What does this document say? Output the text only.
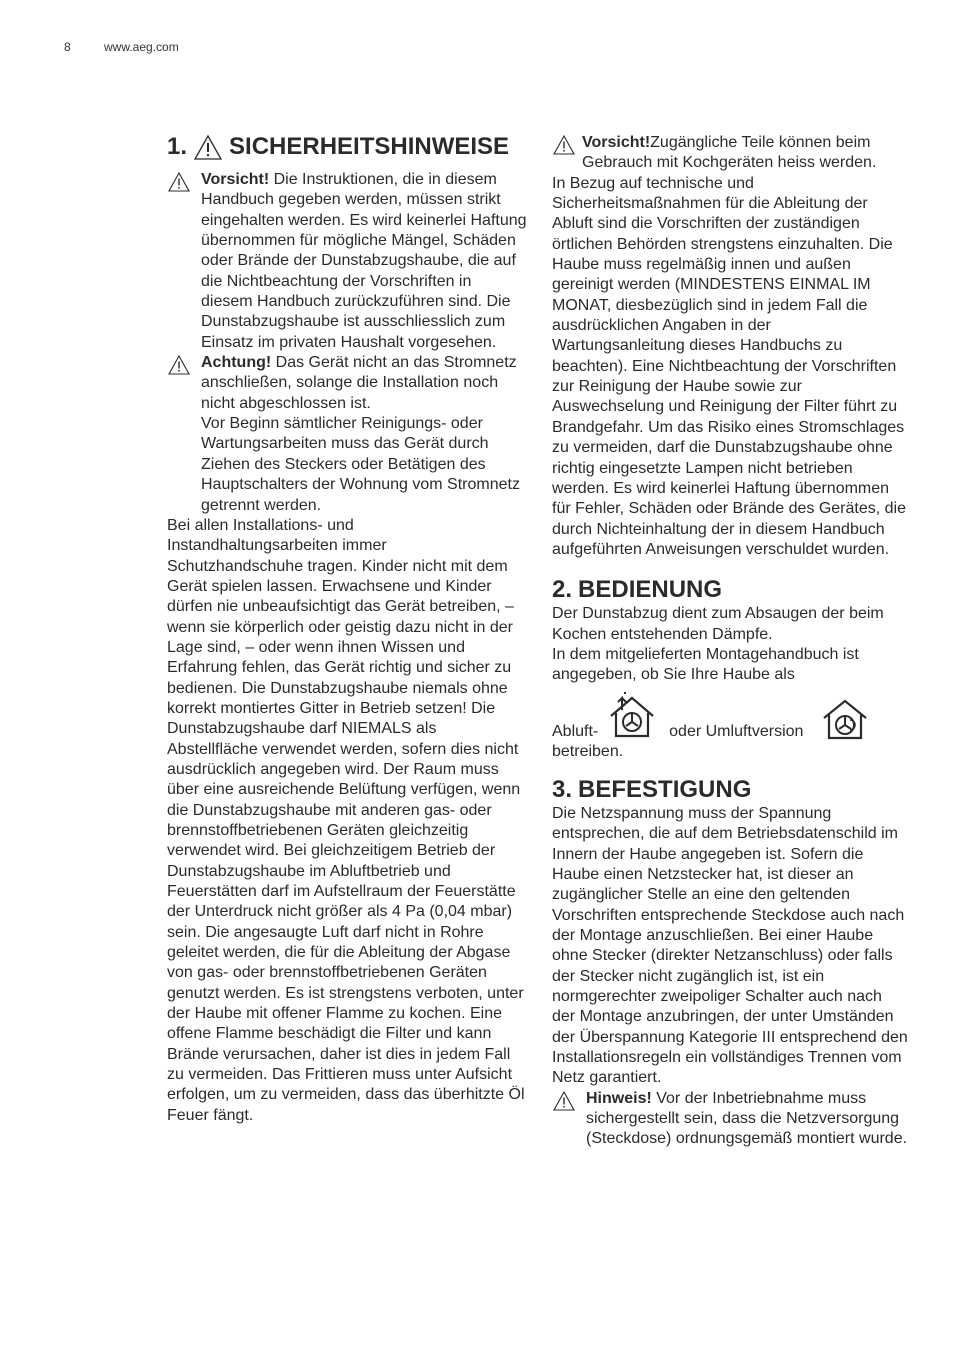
8	www.aeg.com
1. SICHERHEITSHINWEISE

Vorsicht! Die Instruktionen, die in diesem Handbuch gegeben werden, müssen strikt eingehalten werden. Es wird keinerlei Haftung übernommen für mögliche Mängel, Schäden oder Brände der Dunstabzugshaube, die auf die Nichtbeachtung der Vorschriften in diesem Handbuch zurückzuführen sind. Die Dunstabzugshaube ist ausschliesslich zum Einsatz im privaten Haushalt vorgesehen.

Achtung! Das Gerät nicht an das Stromnetz anschließen, solange die Installation noch nicht abgeschlossen ist.

Vor Beginn sämtlicher Reinigungs- oder Wartungsarbeiten muss das Gerät durch Ziehen des Steckers oder Betätigen des Hauptschalters der Wohnung vom Stromnetz getrennt werden.

Bei allen Installations- und Instandhaltungsarbeiten immer Schutzhandschuhe tragen. Kinder nicht mit dem Gerät spielen lassen. Erwachsene und Kinder dürfen nie unbeaufsichtigt das Gerät betreiben, – wenn sie körperlich oder geistig dazu nicht in der Lage sind, – oder wenn ihnen Wissen und Erfahrung fehlen, das Gerät richtig und sicher zu bedienen. Die Dunstabzugshaube niemals ohne korrekt montiertes Gitter in Betrieb setzen! Die Dunstabzugshaube darf NIEMALS als Abstellfläche verwendet werden, sofern dies nicht ausdrücklich angegeben wird. Der Raum muss über eine ausreichende Belüftung verfügen, wenn die Dunstabzugshaube mit anderen gas- oder brennstoffbetriebenen Geräten gleichzeitig verwendet wird. Bei gleichzeitigem Betrieb der Dunstabzugshaube im Abluftbetrieb und Feuerstätten darf im Aufstellraum der Feuerstätte der Unterdruck nicht größer als 4 Pa (0,04 mbar) sein. Die angesaugte Luft darf nicht in Rohre geleitet werden, die für die Ableitung der Abgase von gas- oder brennstoffbetriebenen Geräten genutzt werden. Es ist strengstens verboten, unter der Haube mit offener Flamme zu kochen. Eine offene Flamme beschädigt die Filter und kann Brände verursachen, daher ist dies in jedem Fall zu vermeiden. Das Frittieren muss unter Aufsicht erfolgen, um zu vermeiden, dass das überhitzte Öl Feuer fängt.

Vorsicht!Zugängliche Teile können beim Gebrauch mit Kochgeräten heiss werden.

In Bezug auf technische und Sicherheitsmaßnahmen für die Ableitung der Abluft sind die Vorschriften der zuständigen örtlichen Behörden strengstens einzuhalten. Die Haube muss regelmäßig innen und außen gereinigt werden (MINDESTENS EINMAL IM MONAT, diesbezüglich sind in jedem Fall die ausdrücklichen Angaben in der Wartungsanleitung dieses Handbuchs zu beachten). Eine Nichtbeachtung der Vorschriften zur Reinigung der Haube sowie zur Auswechselung und Reinigung der Filter führt zu Brandgefahr. Um das Risiko eines Stromschlages zu vermeiden, darf die Dunstabzugshaube ohne richtig eingesetzte Lampen nicht betrieben werden. Es wird keinerlei Haftung übernommen für Fehler, Schäden oder Brände des Gerätes, die durch Nichteinhaltung der in diesem Handbuch aufgeführten Anweisungen verschuldet wurden.

2. BEDIENUNG

Der Dunstabzug dient zum Absaugen der beim Kochen entstehenden Dämpfe.

In dem mitgelieferten Montagehandbuch ist angegeben, ob Sie Ihre Haube als

Abluft-	oder Umluftversion

betreiben.

3. BEFESTIGUNG

Die Netzspannung muss der Spannung entsprechen, die auf dem Betriebsdatenschild im Innern der Haube angegeben ist. Sofern die Haube einen Netzstecker hat, ist dieser an zugänglicher Stelle an eine den geltenden Vorschriften entsprechende Steckdose auch nach der Montage anzuschließen. Bei einer Haube ohne Stecker (direkter Netzanschluss) oder falls der Stecker nicht zugänglich ist, ist ein normgerechter zweipoliger Schalter auch nach der Montage anzubringen, der unter Umständen der Überspannung Kategorie III entsprechend den Installationsregeln ein vollständiges Trennen vom Netz garantiert.

Hinweis! Vor der Inbetriebnahme muss sichergestellt sein, dass die Netzversorgung (Steckdose) ordnungsgemäß montiert wurde.
